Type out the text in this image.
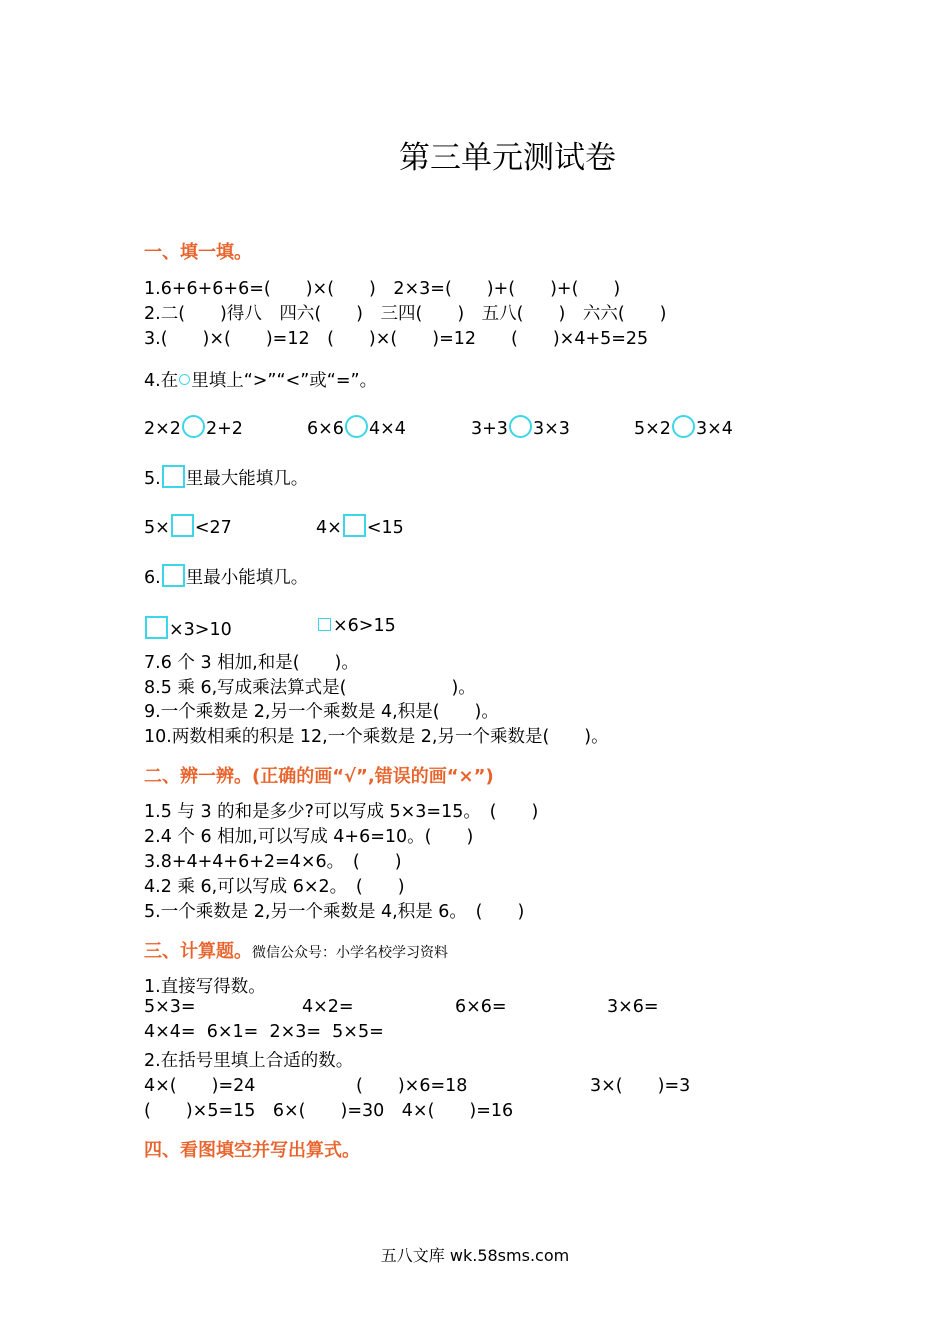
第三单元测试卷
一、填一填。
1.6+6+6+6=(　　)×(　　)　2×3=(　　)+(　　)+(　　)
2.二(　　)得八　四六(　　)　三四(　　)　五八(　　)　六六(　　)
3.(　　)×(　　)=12　(　　)×(　　)=12　　(　　)×4+5=25
4.在 里填上“>”“<”或“=”。
2×2 2+2	6×6 4×4	3+3 3×3	5×2 3×4
5. 里最大能填几。
5× <27	4× <15
6. 里最小能填几。
×3>10	×6>15
7.6 个 3 相加,和是(　　)。
8.5 乘 6,写成乘法算式是(　　　　　　)。
9.一个乘数是 2,另一个乘数是 4,积是(　　)。
10.两数相乘的积是 12,一个乘数是 2,另一个乘数是(　　)。
二、辨一辨。(正确的画“√”,错误的画“×”)
1.5 与 3 的和是多少?可以写成 5×3=15。　(　　)
2.4 个 6 相加,可以写成 4+6=10。(　　)
3.8+4+4+6+2=4×6。　(　　)
4.2 乘 6,可以写成 6×2。　(　　)
5.一个乘数是 2,另一个乘数是 4,积是 6。　(　　)
三、计算题。微信公众号：小学名校学习资料
1.直接写得数。
5×3=	4×2=	6×6=	3×6=
4×4=  6×1=  2×3=  5×5=
2.在括号里填上合适的数。
4×(　　)=24	(　　)×6=18	3×(　　)=3
(　　)×5=15　6×(　　)=30　4×(　　)=16
四、看图填空并写出算式。
五八文库 wk.58sms.com
